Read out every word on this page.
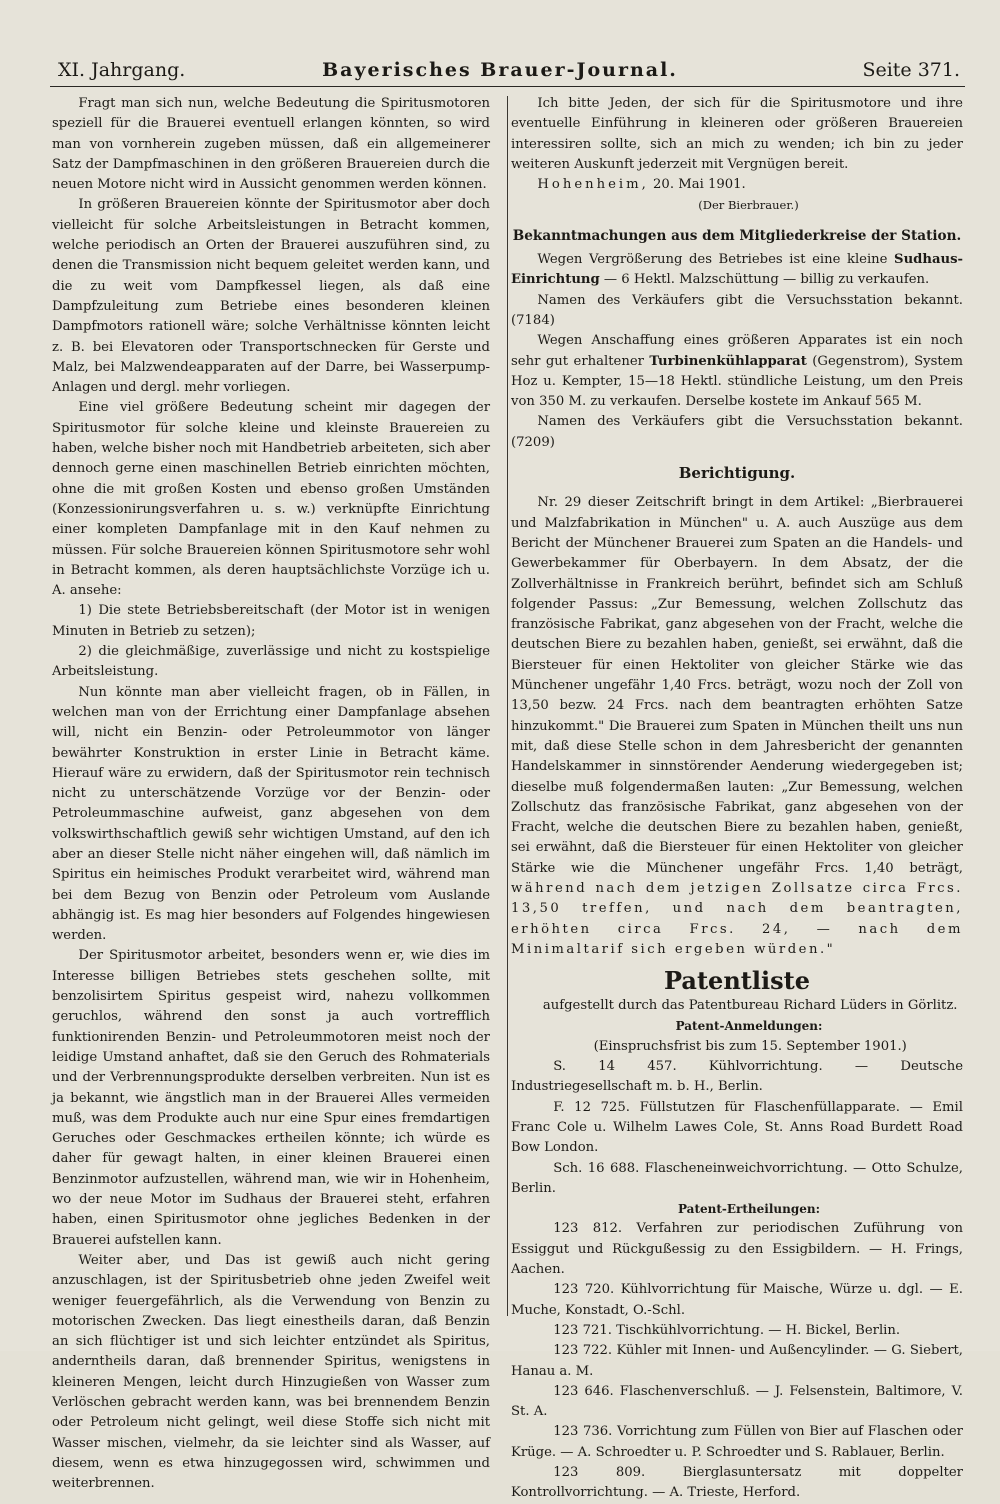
XI. Jahrgang.	Bayerisches Brauer-Journal.	Seite 371.

Fragt man sich nun, welche Bedeutung die Spiritusmotoren speziell für die Brauerei eventuell erlangen könnten, so wird man von vornherein zugeben müssen, daß ein allgemeinerer Satz der Dampfmaschinen in den größeren Brauereien durch die neuen Motore nicht wird in Aussicht genommen werden können.

In größeren Brauereien könnte der Spiritusmotor aber doch vielleicht für solche Arbeitsleistungen in Betracht kommen, welche periodisch an Orten der Brauerei auszuführen sind, zu denen die Transmission nicht bequem geleitet werden kann, und die zu weit vom Dampfkessel liegen, als daß eine Dampfzuleitung zum Betriebe eines besonderen kleinen Dampfmotors rationell wäre; solche Verhältnisse könnten leicht z. B. bei Elevatoren oder Transportschnecken für Gerste und Malz, bei Malzwendeapparaten auf der Darre, bei Wasserpump-Anlagen und dergl. mehr vorliegen.

Eine viel größere Bedeutung scheint mir dagegen der Spiritusmotor für solche kleine und kleinste Brauereien zu haben, welche bisher noch mit Handbetrieb arbeiteten, sich aber dennoch gerne einen maschinellen Betrieb einrichten möchten, ohne die mit großen Kosten und ebenso großen Umständen (Konzessionirungsverfahren u. s. w.) verknüpfte Einrichtung einer kompleten Dampfanlage mit in den Kauf nehmen zu müssen. Für solche Brauereien können Spiritusmotore sehr wohl in Betracht kommen, als deren hauptsächlichste Vorzüge ich u. A. ansehe:

1) Die stete Betriebsbereitschaft (der Motor ist in wenigen Minuten in Betrieb zu setzen);

2) die gleichmäßige, zuverlässige und nicht zu kostspielige Arbeitsleistung.

Nun könnte man aber vielleicht fragen, ob in Fällen, in welchen man von der Errichtung einer Dampfanlage absehen will, nicht ein Benzin- oder Petroleummotor von länger bewährter Konstruktion in erster Linie in Betracht käme. Hierauf wäre zu erwidern, daß der Spiritusmotor rein technisch nicht zu unterschätzende Vorzüge vor der Benzin- oder Petroleummaschine aufweist, ganz abgesehen von dem volkswirthschaftlich gewiß sehr wichtigen Umstand, auf den ich aber an dieser Stelle nicht näher eingehen will, daß nämlich im Spiritus ein heimisches Produkt verarbeitet wird, während man bei dem Bezug von Benzin oder Petroleum vom Auslande abhängig ist. Es mag hier besonders auf Folgendes hingewiesen werden.

Der Spiritusmotor arbeitet, besonders wenn er, wie dies im Interesse billigen Betriebes stets geschehen sollte, mit benzolisirtem Spiritus gespeist wird, nahezu vollkommen geruchlos, während den sonst ja auch vortrefflich funktionirenden Benzin- und Petroleummotoren meist noch der leidige Umstand anhaftet, daß sie den Geruch des Rohmaterials und der Verbrennungsprodukte derselben verbreiten. Nun ist es ja bekannt, wie ängstlich man in der Brauerei Alles vermeiden muß, was dem Produkte auch nur eine Spur eines fremdartigen Geruches oder Geschmackes ertheilen könnte; ich würde es daher für gewagt halten, in einer kleinen Brauerei einen Benzinmotor aufzustellen, während man, wie wir in Hohenheim, wo der neue Motor im Sudhaus der Brauerei steht, erfahren haben, einen Spiritusmotor ohne jegliches Bedenken in der Brauerei aufstellen kann.

Weiter aber, und Das ist gewiß auch nicht gering anzuschlagen, ist der Spiritusbetrieb ohne jeden Zweifel weit weniger feuergefährlich, als die Verwendung von Benzin zu motorischen Zwecken. Das liegt einestheils daran, daß Benzin an sich flüchtiger ist und sich leichter entzündet als Spiritus, anderntheils daran, daß brennender Spiritus, wenigstens in kleineren Mengen, leicht durch Hinzugießen von Wasser zum Verlöschen gebracht werden kann, was bei brennendem Benzin oder Petroleum nicht gelingt, weil diese Stoffe sich nicht mit Wasser mischen, vielmehr, da sie leichter sind als Wasser, auf diesem, wenn es etwa hinzugegossen wird, schwimmen und weiterbrennen.

Ich bitte Jeden, der sich für die Spiritusmotore und ihre eventuelle Einführung in kleineren oder größeren Brauereien interessiren sollte, sich an mich zu wenden; ich bin zu jeder weiteren Auskunft jederzeit mit Vergnügen bereit.

Hohenheim, 20. Mai 1901.

(Der Bierbrauer.)

Bekanntmachungen aus dem Mitgliederkreise der Station.

Wegen Vergrößerung des Betriebes ist eine kleine Sudhaus-Einrichtung — 6 Hektl. Malzschüttung — billig zu verkaufen.

Namen des Verkäufers gibt die Versuchsstation bekannt. (7184)

Wegen Anschaffung eines größeren Apparates ist ein noch sehr gut erhaltener Turbinenkühlapparat (Gegenstrom), System Hoz u. Kempter, 15—18 Hektl. stündliche Leistung, um den Preis von 350 M. zu verkaufen. Derselbe kostete im Ankauf 565 M.

Namen des Verkäufers gibt die Versuchsstation bekannt. (7209)

Berichtigung.

Nr. 29 dieser Zeitschrift bringt in dem Artikel: „Bierbrauerei und Malzfabrikation in München" u. A. auch Auszüge aus dem Bericht der Münchener Brauerei zum Spaten an die Handels- und Gewerbekammer für Oberbayern. In dem Absatz, der die Zollverhältnisse in Frankreich berührt, befindet sich am Schluß folgender Passus: „Zur Bemessung, welchen Zollschutz das französische Fabrikat, ganz abgesehen von der Fracht, welche die deutschen Biere zu bezahlen haben, genießt, sei erwähnt, daß die Biersteuer für einen Hektoliter von gleicher Stärke wie das Münchener ungefähr 1,40 Frcs. beträgt, wozu noch der Zoll von 13,50 bezw. 24 Frcs. nach dem beantragten erhöhten Satze hinzukommt." Die Brauerei zum Spaten in München theilt uns nun mit, daß diese Stelle schon in dem Jahresbericht der genannten Handelskammer in sinnstörender Aenderung wiedergegeben ist; dieselbe muß folgendermaßen lauten: „Zur Bemessung, welchen Zollschutz das französische Fabrikat, ganz abgesehen von der Fracht, welche die deutschen Biere zu bezahlen haben, genießt, sei erwähnt, daß die Biersteuer für einen Hektoliter von gleicher Stärke wie die Münchener ungefähr Frcs. 1,40 beträgt, während nach dem jetzigen Zollsatze circa Frcs. 13,50 treffen, und nach dem beantragten, erhöhten circa Frcs. 24, — nach dem Minimaltarif sich ergeben würden."

Patentliste

aufgestellt durch das Patentbureau Richard Lüders in Görlitz.

Patent-Anmeldungen:

(Einspruchsfrist bis zum 15. September 1901.)

S. 14 457. Kühlvorrichtung. — Deutsche Industriegesellschaft m. b. H., Berlin.

F. 12 725. Füllstutzen für Flaschenfüllapparate. — Emil Franc Cole u. Wilhelm Lawes Cole, St. Anns Road Burdett Road Bow London.

Sch. 16 688. Flascheneinweichvorrichtung. — Otto Schulze, Berlin.

Patent-Ertheilungen:

123 812. Verfahren zur periodischen Zuführung von Essiggut und Rückgußessig zu den Essigbildern. — H. Frings, Aachen.

123 720. Kühlvorrichtung für Maische, Würze u. dgl. — E. Muche, Konstadt, O.-Schl.

123 721. Tischkühlvorrichtung. — H. Bickel, Berlin.

123 722. Kühler mit Innen- und Außencylinder. — G. Siebert, Hanau a. M.

123 646. Flaschenverschluß. — J. Felsenstein, Baltimore, V. St. A.

123 736. Vorrichtung zum Füllen von Bier auf Flaschen oder Krüge. — A. Schroedter u. P. Schroedter und S. Rablauer, Berlin.

123 809. Bierglasuntersatz mit doppelter Kontrollvorrichtung. — A. Trieste, Herford.
